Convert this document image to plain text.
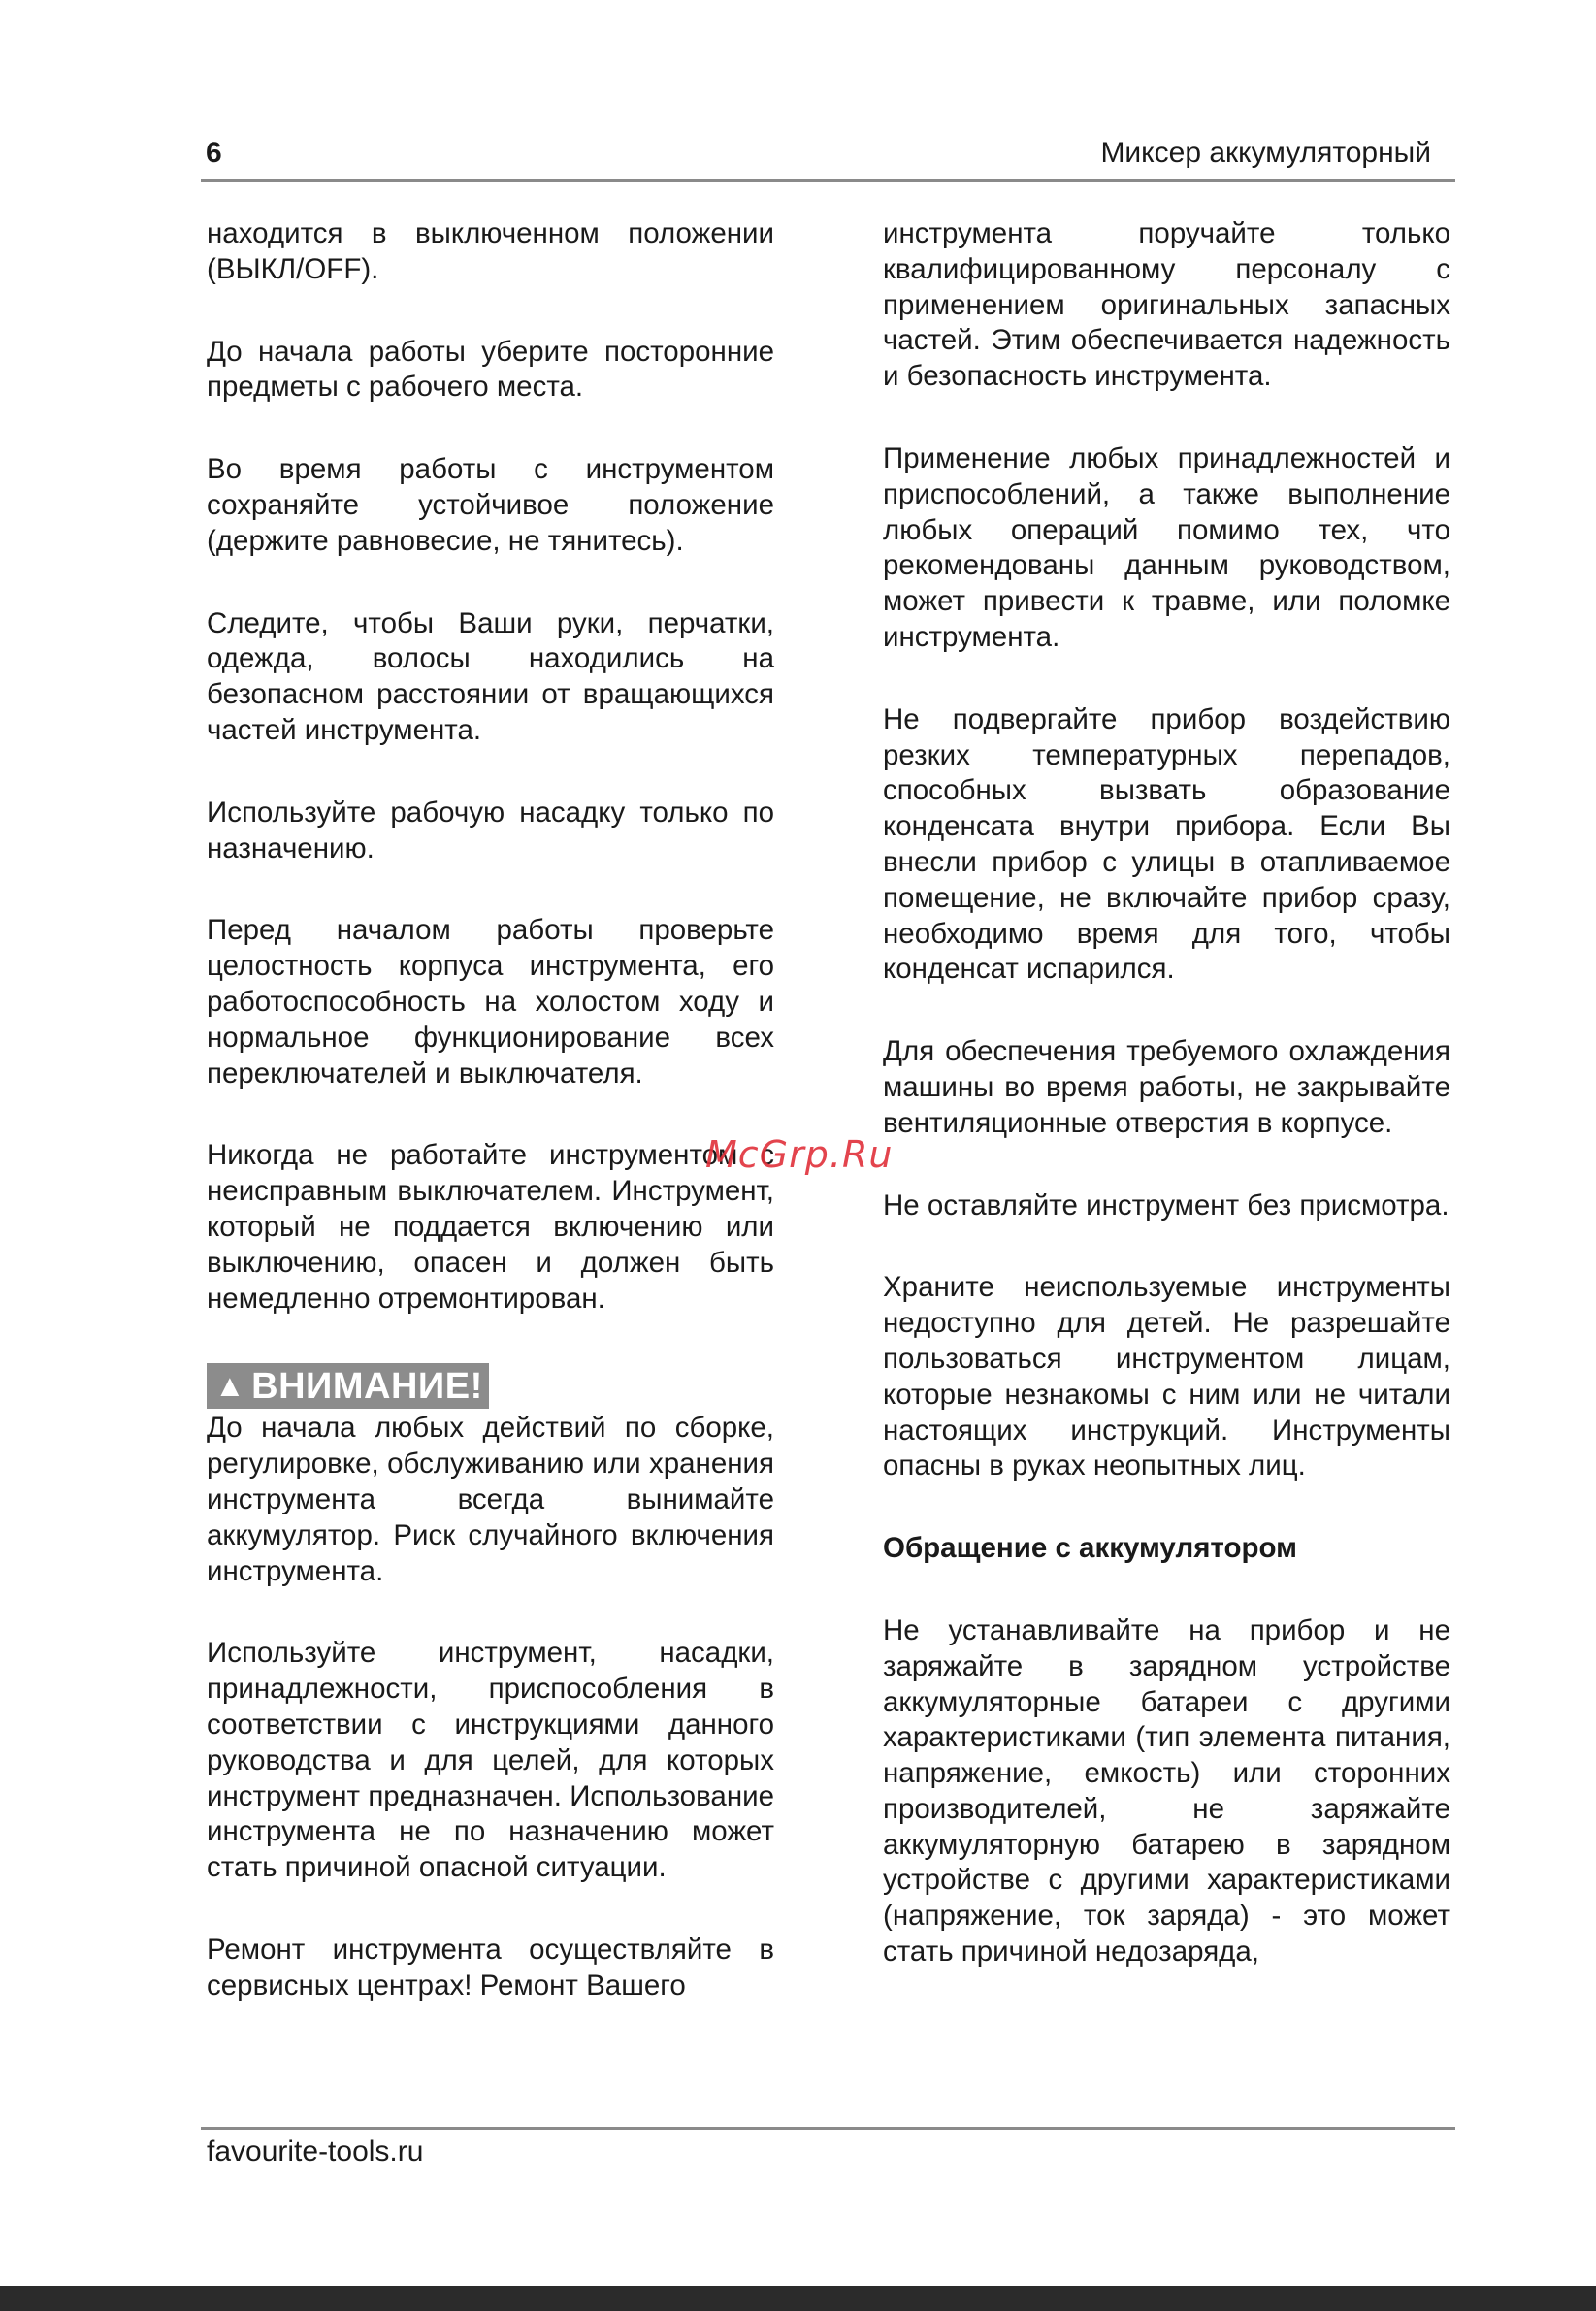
6	Миксер аккумуляторный

находится в выключенном положении (ВЫКЛ/OFF).

До начала работы уберите посторонние предметы с рабочего места.

Во время работы с инструментом сохраняйте устойчивое положение (держите равновесие, не тянитесь).

Следите, чтобы Ваши руки, перчатки, одежда, волосы находились на безопасном расстоянии от вращающихся частей инструмента.

Используйте рабочую насадку только по назначению.

Перед началом работы проверьте целостность корпуса инструмента, его работоспособность на холостом ходу и нормальное функционирование всех переключателей и выключателя.

Никогда не работайте инструментом с неисправным выключателем. Инструмент, который не поддается включению или выключению, опасен и должен быть немедленно отремонтирован.

▲ ВНИМАНИЕ!

До начала любых действий по сборке, регулировке, обслуживанию или хранения инструмента всегда вынимайте аккумулятор. Риск случайного включения инструмента.

Используйте инструмент, насадки, принадлежности, приспособления в соответствии с инструкциями данного руководства и для целей, для которых инструмент предназначен. Использование инструмента не по назначению может стать причиной опасной ситуации.

Ремонт инструмента осуществляйте в сервисных центрах! Ремонт Вашего

инструмента поручайте только квалифицированному персоналу с применением оригинальных запасных частей. Этим обеспечивается надежность и безопасность инструмента.

Применение любых принадлежностей и приспособлений, а также выполнение любых операций помимо тех, что рекомендованы данным руководством, может привести к травме, или поломке инструмента.

Не подвергайте прибор воздействию резких температурных перепадов, способных вызвать образование конденсата внутри прибора. Если Вы внесли прибор с улицы в отапливаемое помещение, не включайте прибор сразу, необходимо время для того, чтобы конденсат испарился.

Для обеспечения требуемого охлаждения машины во время работы, не закрывайте вентиляционные отверстия в корпусе.

Не оставляйте инструмент без присмотра.

Храните неиспользуемые инструменты недоступно для детей. Не разрешайте пользоваться инструментом лицам, которые незнакомы с ним или не читали настоящих инструкций. Инструменты опасны в руках неопытных лиц.

Обращение с аккумулятором

Не устанавливайте на прибор и не заряжайте в зарядном устройстве аккумуляторные батареи с другими характеристиками (тип элемента питания, напряжение, емкость) или сторонних производителей, не заряжайте аккумуляторную батарею в зарядном устройстве с другими характеристиками (напряжение, ток заряда) - это может стать причиной недозаряда,

McGrp.Ru
favourite-tools.ru
